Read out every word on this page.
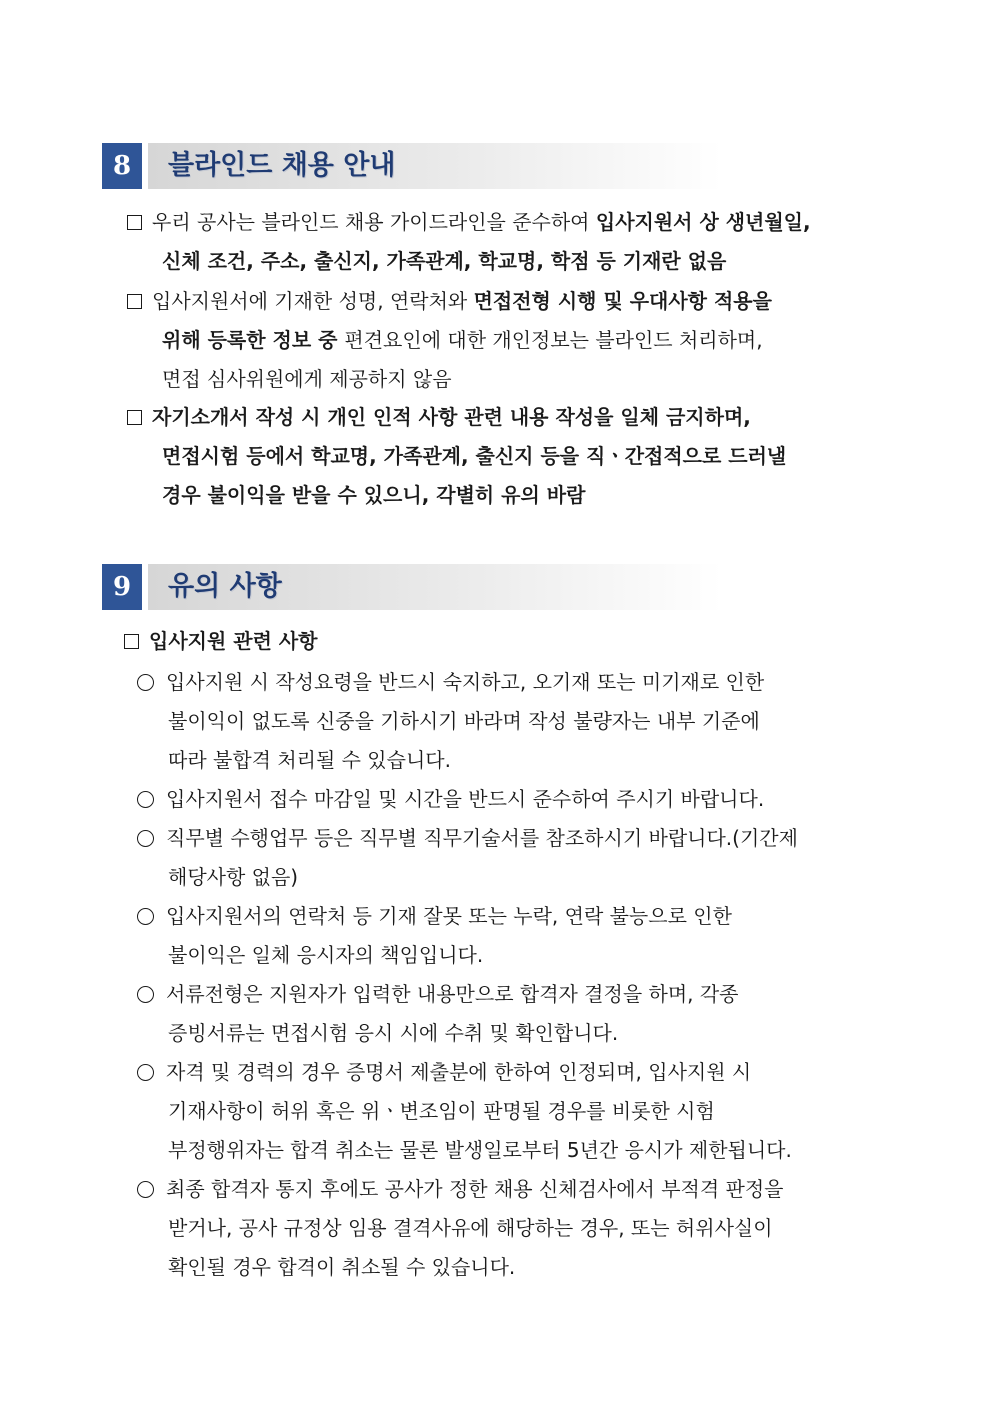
8	블라인드 채용 안내
우리 공사는 블라인드 채용 가이드라인을 준수하여 입사지원서 상 생년월일,
신체 조건, 주소, 출신지, 가족관계, 학교명, 학점 등 기재란 없음
입사지원서에 기재한 성명, 연락처와 면접전형 시행 및 우대사항 적용을
위해 등록한 정보 중 편견요인에 대한 개인정보는 블라인드 처리하며,
면접 심사위원에게 제공하지 않음
자기소개서 작성 시 개인 인적 사항 관련 내용 작성을 일체 금지하며,
면접시험 등에서 학교명, 가족관계, 출신지 등을 직ㆍ간접적으로 드러낼
경우 불이익을 받을 수 있으니, 각별히 유의 바람
9	유의 사항
입사지원 관련 사항
입사지원 시 작성요령을 반드시 숙지하고, 오기재 또는 미기재로 인한
불이익이 없도록 신중을 기하시기 바라며 작성 불량자는 내부 기준에
따라 불합격 처리될 수 있습니다.
입사지원서 접수 마감일 및 시간을 반드시 준수하여 주시기 바랍니다.
직무별 수행업무 등은 직무별 직무기술서를 참조하시기 바랍니다.(기간제
해당사항 없음)
입사지원서의 연락처 등 기재 잘못 또는 누락, 연락 불능으로 인한
불이익은 일체 응시자의 책임입니다.
서류전형은 지원자가 입력한 내용만으로 합격자 결정을 하며, 각종
증빙서류는 면접시험 응시 시에 수취 및 확인합니다.
자격 및 경력의 경우 증명서 제출분에 한하여 인정되며, 입사지원 시
기재사항이 허위 혹은 위ㆍ변조임이 판명될 경우를 비롯한 시험
부정행위자는 합격 취소는 물론 발생일로부터 5년간 응시가 제한됩니다.
최종 합격자 통지 후에도 공사가 정한 채용 신체검사에서 부적격 판정을
받거나, 공사 규정상 임용 결격사유에 해당하는 경우, 또는 허위사실이
확인될 경우 합격이 취소될 수 있습니다.
